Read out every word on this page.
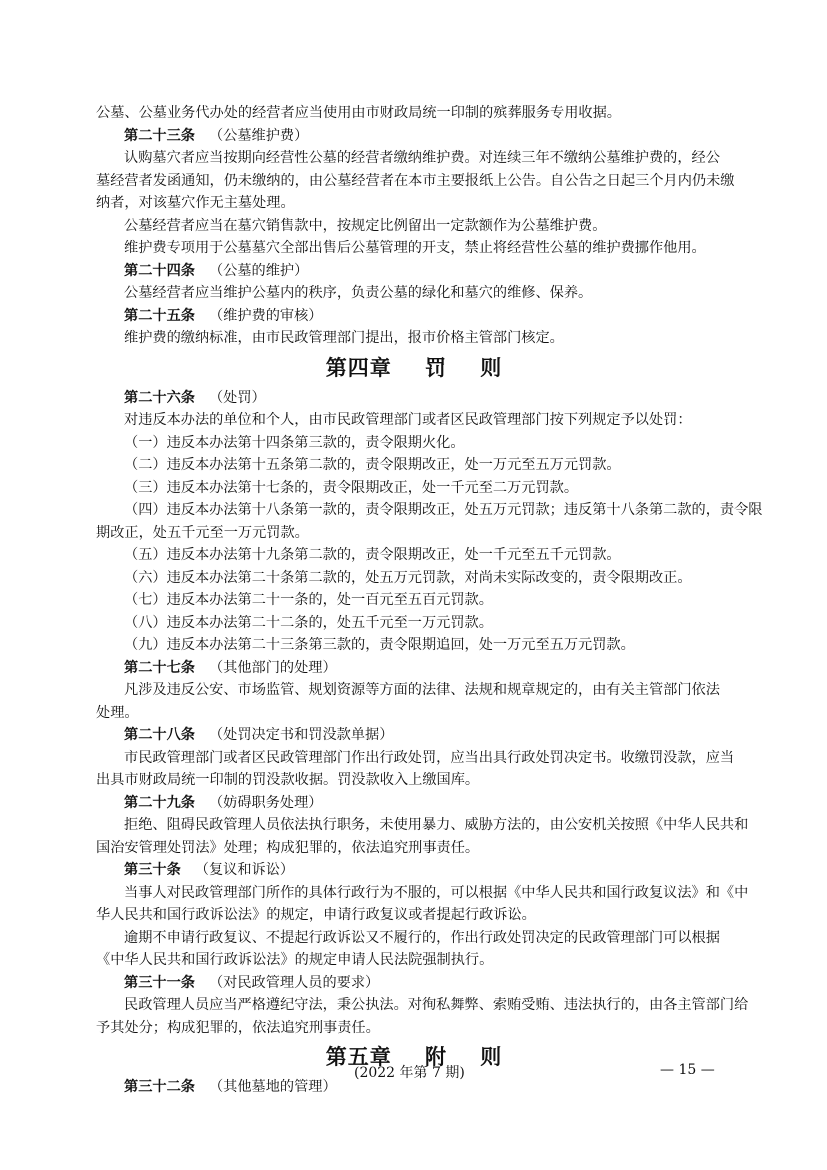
公墓、公墓业务代办处的经营者应当使用由市财政局统一印制的殡葬服务专用收据。

第二十三条 （公墓维护费）

认购墓穴者应当按期向经营性公墓的经营者缴纳维护费。对连续三年不缴纳公墓维护费的，经公

墓经营者发函通知，仍未缴纳的，由公墓经营者在本市主要报纸上公告。自公告之日起三个月内仍未缴

纳者，对该墓穴作无主墓处理。

公墓经营者应当在墓穴销售款中，按规定比例留出一定款额作为公墓维护费。

维护费专项用于公墓墓穴全部出售后公墓管理的开支，禁止将经营性公墓的维护费挪作他用。

第二十四条 （公墓的维护）

公墓经营者应当维护公墓内的秩序，负责公墓的绿化和墓穴的维修、保养。

第二十五条 （维护费的审核）

维护费的缴纳标准，由市民政管理部门提出，报市价格主管部门核定。

第四章    罚    则

第二十六条 （处罚）

对违反本办法的单位和个人，由市民政管理部门或者区民政管理部门按下列规定予以处罚：

（一）违反本办法第十四条第三款的，责令限期火化。

（二）违反本办法第十五条第二款的，责令限期改正，处一万元至五万元罚款。

（三）违反本办法第十七条的，责令限期改正，处一千元至二万元罚款。

（四）违反本办法第十八条第一款的，责令限期改正，处五万元罚款；违反第十八条第二款的，责令限

期改正，处五千元至一万元罚款。

（五）违反本办法第十九条第二款的，责令限期改正，处一千元至五千元罚款。

（六）违反本办法第二十条第二款的，处五万元罚款，对尚未实际改变的，责令限期改正。

（七）违反本办法第二十一条的，处一百元至五百元罚款。

（八）违反本办法第二十二条的，处五千元至一万元罚款。

（九）违反本办法第二十三条第三款的，责令限期追回，处一万元至五万元罚款。

第二十七条 （其他部门的处理）

凡涉及违反公安、市场监管、规划资源等方面的法律、法规和规章规定的，由有关主管部门依法

处理。

第二十八条 （处罚决定书和罚没款单据）

市民政管理部门或者区民政管理部门作出行政处罚，应当出具行政处罚决定书。收缴罚没款，应当

出具市财政局统一印制的罚没款收据。罚没款收入上缴国库。

第二十九条 （妨碍职务处理）

拒绝、阻碍民政管理人员依法执行职务，未使用暴力、威胁方法的，由公安机关按照《中华人民共和

国治安管理处罚法》处理；构成犯罪的，依法追究刑事责任。

第三十条 （复议和诉讼）

当事人对民政管理部门所作的具体行政行为不服的，可以根据《中华人民共和国行政复议法》和《中

华人民共和国行政诉讼法》的规定，申请行政复议或者提起行政诉讼。

逾期不申请行政复议、不提起行政诉讼又不履行的，作出行政处罚决定的民政管理部门可以根据

《中华人民共和国行政诉讼法》的规定申请人民法院强制执行。

第三十一条 （对民政管理人员的要求）

民政管理人员应当严格遵纪守法，秉公执法。对徇私舞弊、索贿受贿、违法执行的，由各主管部门给

予其处分；构成犯罪的，依法追究刑事责任。

第五章    附    则

第三十二条 （其他墓地的管理）

(2022 年第 7 期)	— 15 —
